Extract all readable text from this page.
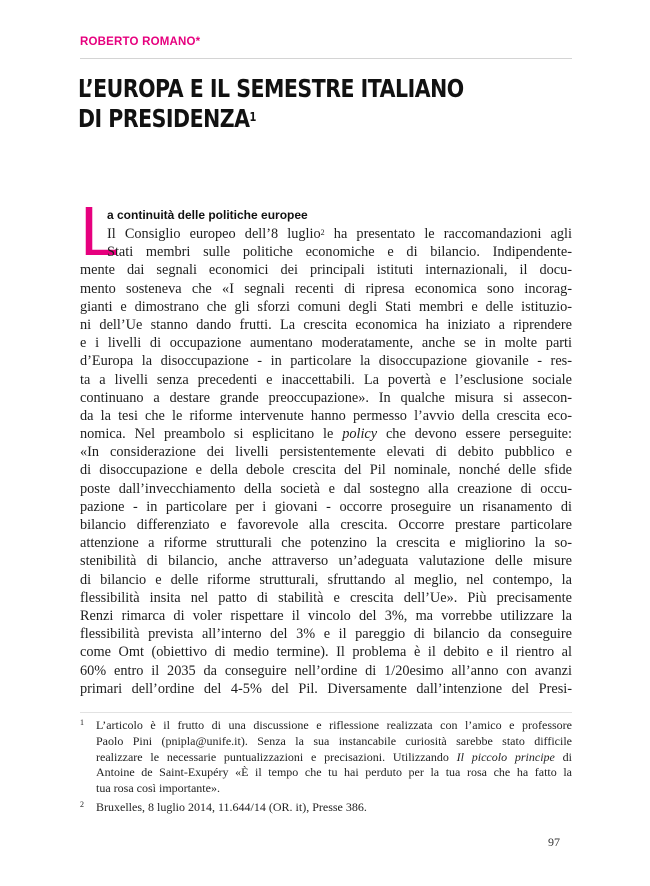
ROBERTO ROMANO*
L’EUROPA E IL SEMESTRE ITALIANO
DI PRESIDENZA$^1$
L
a continuità delle politiche europee
Il Consiglio europeo dell’8 luglio$^2$ ha presentato le raccomandazioni agli
Stati membri sulle politiche economiche e di bilancio. Indipendente-
mente dai segnali economici dei principali istituti internazionali, il docu-
mento sosteneva che «I segnali recenti di ripresa economica sono incorag-
gianti e dimostrano che gli sforzi comuni degli Stati membri e delle istituzio-
ni dell’Ue stanno dando frutti. La crescita economica ha iniziato a riprendere
e i livelli di occupazione aumentano moderatamente, anche se in molte parti
d’Europa la disoccupazione - in particolare la disoccupazione giovanile - res-
ta a livelli senza precedenti e inaccettabili. La povertà e l’esclusione sociale
continuano a destare grande preoccupazione». In qualche misura si assecon-
da la tesi che le riforme intervenute hanno permesso l’avvio della crescita eco-
nomica. Nel preambolo si esplicitano le policy che devono essere perseguite:
«In considerazione dei livelli persistentemente elevati di debito pubblico e
di disoccupazione e della debole crescita del Pil nominale, nonché delle sfide
poste dall’invecchiamento della società e dal sostegno alla creazione di occu-
pazione - in particolare per i giovani - occorre proseguire un risanamento di
bilancio differenziato e favorevole alla crescita. Occorre prestare particolare
attenzione a riforme strutturali che potenzino la crescita e migliorino la so-
stenibilità di bilancio, anche attraverso un’adeguata valutazione delle misure
di bilancio e delle riforme strutturali, sfruttando al meglio, nel contempo, la
flessibilità insita nel patto di stabilità e crescita dell’Ue». Più precisamente
Renzi rimarca di voler rispettare il vincolo del 3%, ma vorrebbe utilizzare la
flessibilità prevista all’interno del 3% e il pareggio di bilancio da conseguire
come Omt (obiettivo di medio termine). Il problema è il debito e il rientro al
60% entro il 2035 da conseguire nell’ordine di 1/20esimo all’anno con avanzi
primari dell’ordine del 4-5% del Pil. Diversamente dall’intenzione del Presi-
1 L’articolo è il frutto di una discussione e riflessione realizzata con l’amico e professore
Paolo Pini (pnipla@unife.it). Senza la sua instancabile curiosità sarebbe stato difficile
realizzare le necessarie puntualizzazioni e precisazioni. Utilizzando Il piccolo principe di
Antoine de Saint-Exupéry «È il tempo che tu hai perduto per la tua rosa che ha fatto la
tua rosa così importante».
2 Bruxelles, 8 luglio 2014, 11.644/14 (OR. it), Presse 386.
97
